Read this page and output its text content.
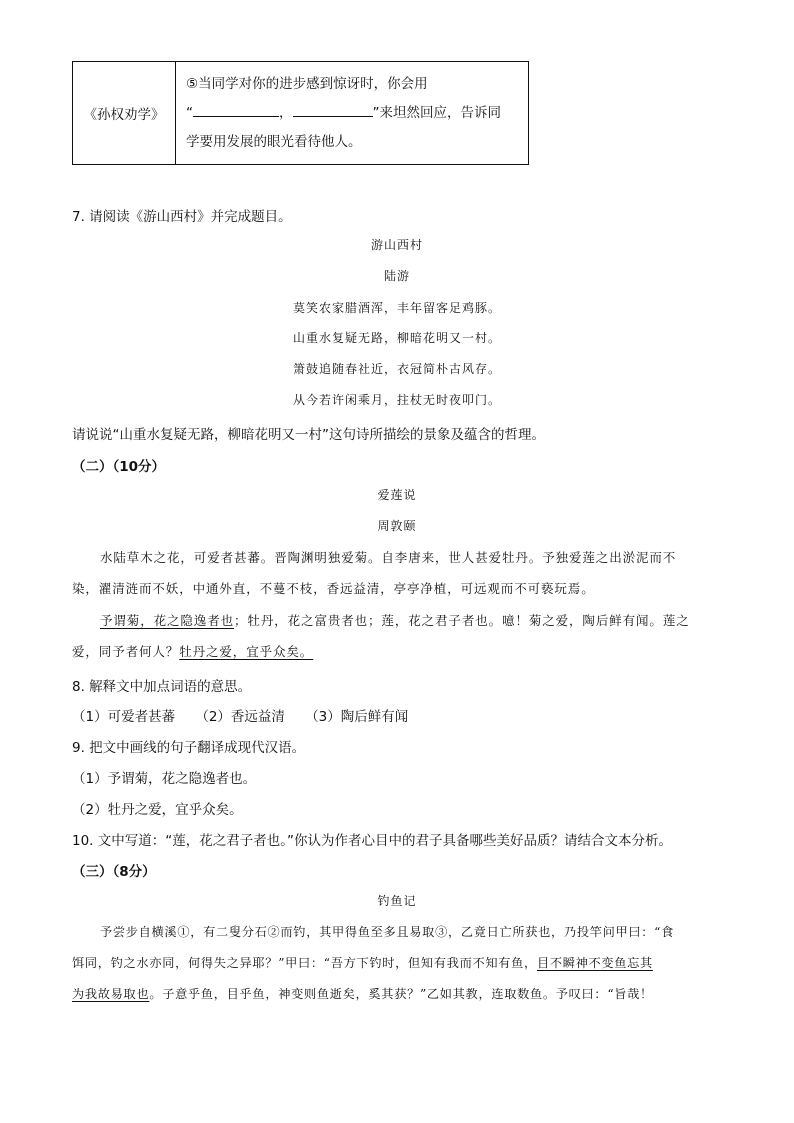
《孙权劝学》	
⑤当同学对你的进步感到惊讶时，你会用
“	，	”来坦然回应，告诉同
学要用发展的眼光看待他人。
7. 请阅读《游山西村》并完成题目。
游山西村
陆游
莫笑农家腊酒浑，丰年留客足鸡豚。
山重水复疑无路，柳暗花明又一村。
箫鼓追随春社近，衣冠简朴古风存。
从今若许闲乘月，拄杖无时夜叩门。
请说说“山重水复疑无路，柳暗花明又一村”这句诗所描绘的景象及蕴含的哲理。
（二）（10分）
爱莲说
周敦颐
水陆草木之花，可爱者甚蕃。晋陶渊明独爱菊。自李唐来，世人甚爱牡丹。予独爱莲之出淤泥而不
染，濯清涟而不妖，中通外直，不蔓不枝，香远益清，亭亭净植，可远观而不可亵玩焉。
予谓菊，花之隐逸者也；牡丹，花之富贵者也；莲，花之君子者也。噫！菊之爱，陶后鲜有闻。莲之
爱，同予者何人？牡丹之爱，宜乎众矣。
8. 解释文中加点词语的意思。
（1）可爱者甚蕃　　（2）香远益清　　（3）陶后鲜有闻
9. 把文中画线的句子翻译成现代汉语。
（1）予谓菊，花之隐逸者也。
（2）牡丹之爱，宜乎众矣。
10. 文中写道：“莲，花之君子者也。”你认为作者心目中的君子具备哪些美好品质？请结合文本分析。
（三）（8分）
钓鱼记
予尝步自横溪①，有二叟分石②而钓，其甲得鱼至多且易取③，乙竟日亡所获也，乃投竿问甲曰：“食
饵同，钓之水亦同，何得失之异耶？”甲曰：“吾方下钓时，但知有我而不知有鱼，目不瞬神不变鱼忘其
为我故易取也。子意乎鱼，目乎鱼，神变则鱼逝矣，奚其获？”乙如其教，连取数鱼。予叹曰：“旨哉！
